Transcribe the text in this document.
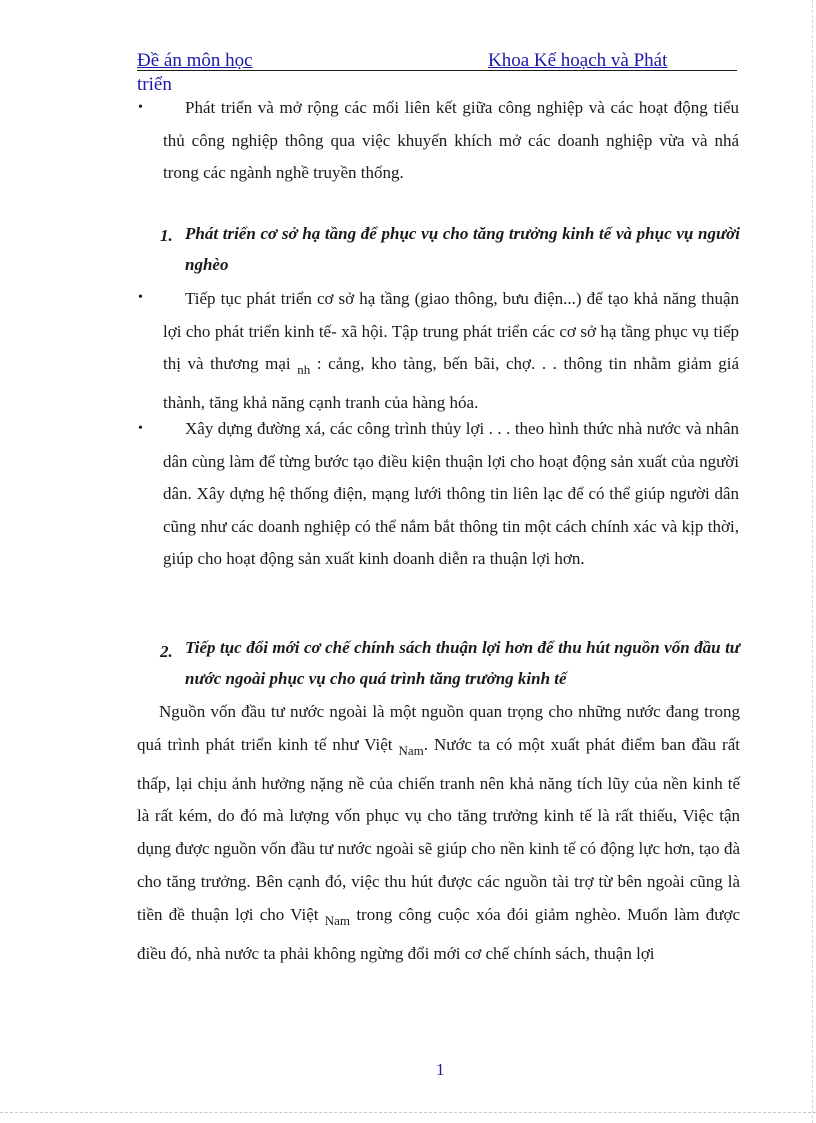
Đề án môn học	Khoa Kế hoạch và Phát
triển
•	Phát triển và mở rộng các mối liên kết giữa công nghiệp và các hoạt động tiểu thủ công nghiệp thông qua việc khuyến khích mở các doanh nghiệp vừa và nhá trong các ngành nghề truyền thống.
1. Phát triển cơ sở hạ tầng để phục vụ cho tăng trưởng kinh tế và phục vụ người nghèo
•	Tiếp tục phát triển cơ sở hạ tầng (giao thông, bưu điện...) để tạo khả năng thuận lợi cho phát triển kinh tế- xã hội. Tập trung phát triển các cơ sở hạ tầng phục vụ tiếp thị và thương mại $_{nh}$ : cảng, kho tàng, bến bãi, chợ. . . thông tin nhằm giảm giá thành, tăng khả năng cạnh tranh của hàng hóa.
•	Xây dựng đường xá, các công trình thủy lợi . . . theo hình thức nhà nước và nhân dân cùng làm để từng bước tạo điều kiện thuận lợi cho hoạt động sản xuất của người dân. Xây dựng hệ thống điện, mạng lưới thông tin liên lạc để có thể giúp người dân cũng như các doanh nghiệp có thể nắm bắt thông tin một cách chính xác và kịp thời, giúp cho hoạt động sản xuất kinh doanh diễn ra thuận lợi hơn.
2. Tiếp tục đổi mới cơ chế chính sách thuận lợi hơn để thu hút nguồn vốn đầu tư nước ngoài phục vụ cho quá trình tăng trưởng kinh tế
Nguồn vốn đầu tư nước ngoài là một nguồn quan trọng cho những nước đang trong quá trình phát triển kinh tế như Việt $_{Nam}$. Nước ta có một xuất phát điểm ban đầu rất thấp, lại chịu ảnh hưởng nặng nề của chiến tranh nên khả năng tích lũy của nền kinh tế là rất kém, do đó mà lượng vốn phục vụ cho tăng trưởng kinh tế là rất thiếu, Việc tận dụng được nguồn vốn đầu tư nước ngoài sẽ giúp cho nền kinh tế có động lực hơn, tạo đà cho tăng trưởng. Bên cạnh đó, việc thu hút được các nguồn tài trợ từ bên ngoài cũng là tiền đề thuận lợi cho Việt $_{Nam}$ trong công cuộc xóa đói giảm nghèo. Muốn làm được điều đó, nhà nước ta phải không ngừng đổi mới cơ chế chính sách, thuận lợi
1
